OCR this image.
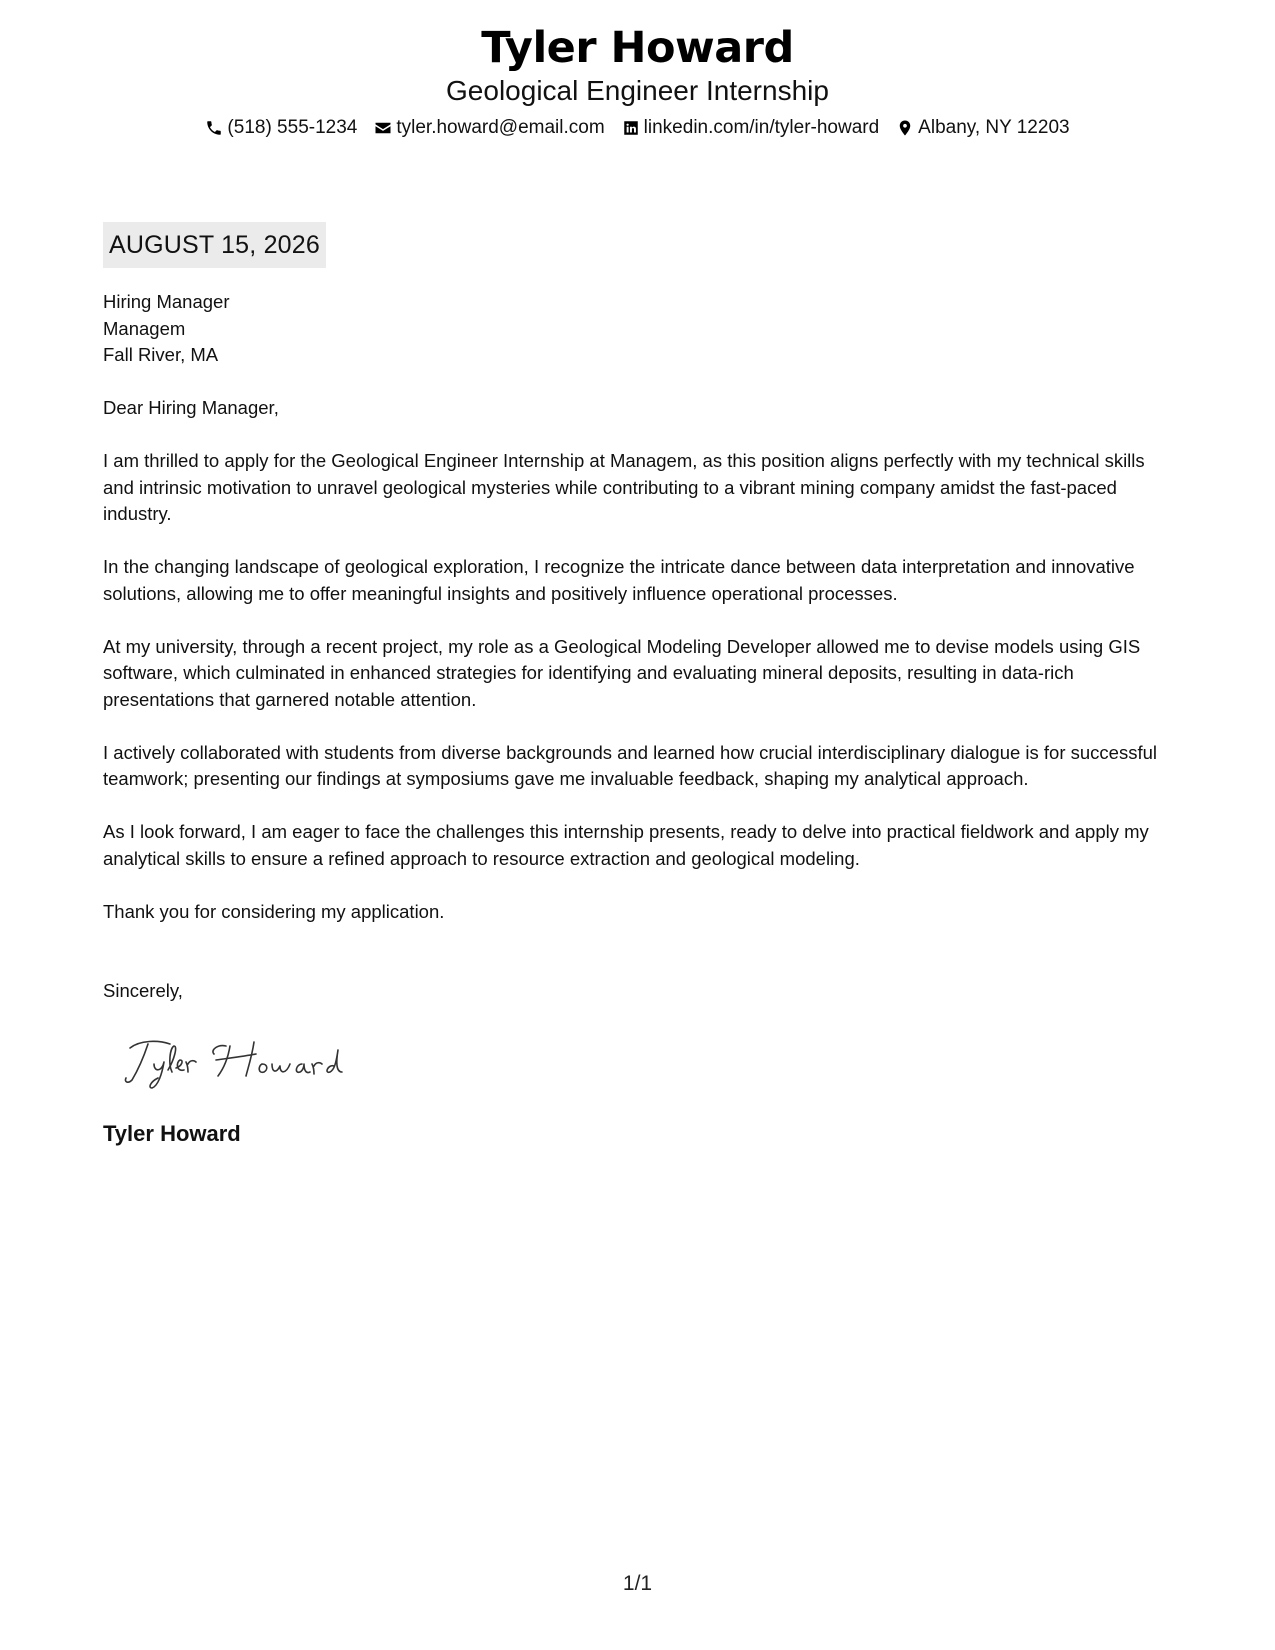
Tyler Howard
Geological Engineer Internship
(518) 555-1234 tyler.howard@email.com linkedin.com/in/tyler-howard Albany, NY 12203
AUGUST 15, 2026
Hiring Manager
Managem
Fall River, MA

Dear Hiring Manager,

I am thrilled to apply for the Geological Engineer Internship at Managem, as this position aligns perfectly with my technical skills and intrinsic motivation to unravel geological mysteries while contributing to a vibrant mining company amidst the fast-paced industry.

In the changing landscape of geological exploration, I recognize the intricate dance between data interpretation and innovative solutions, allowing me to offer meaningful insights and positively influence operational processes.

At my university, through a recent project, my role as a Geological Modeling Developer allowed me to devise models using GIS software, which culminated in enhanced strategies for identifying and evaluating mineral deposits, resulting in data-rich presentations that garnered notable attention.

I actively collaborated with students from diverse backgrounds and learned how crucial interdisciplinary dialogue is for successful teamwork; presenting our findings at symposiums gave me invaluable feedback, shaping my analytical approach.

As I look forward, I am eager to face the challenges this internship presents, ready to delve into practical fieldwork and apply my analytical skills to ensure a refined approach to resource extraction and geological modeling.

Thank you for considering my application.

Sincerely,
Tyler Howard
1/1
